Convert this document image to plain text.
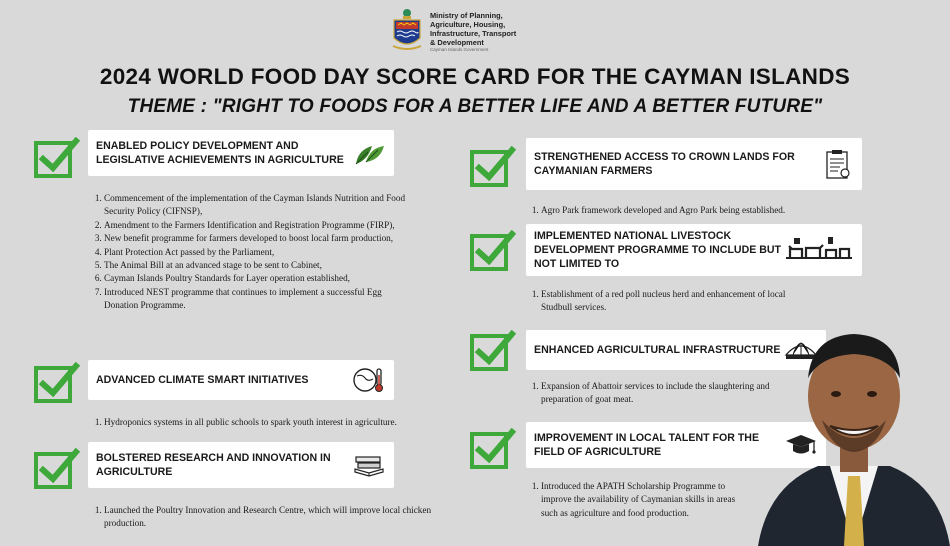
Ministry of Planning,
Agriculture, Housing,
Infrastructure, Transport
& Development
Cayman Islands Government
2024 WORLD FOOD DAY SCORE CARD FOR THE CAYMAN ISLANDS
THEME : "RIGHT TO FOODS FOR A BETTER LIFE AND A BETTER FUTURE"
ENABLED POLICY DEVELOPMENT AND LEGISLATIVE ACHIEVEMENTS IN AGRICULTURE
1. Commencement of the implementation of the Cayman Islands Nutrition and Food Security Policy (CIFNSP),
2. Amendment to the Farmers Identification and Registration Programme (FIRP),
3. New benefit programme for farmers developed to boost local farm production,
4. Plant Protection Act passed by the Parliament,
5. The Animal Bill at an advanced stage to be sent to Cabinet,
6. Cayman Islands Poultry Standards for Layer operation established,
7. Introduced NEST programme that continues to implement a successful Egg Donation Programme.
ADVANCED CLIMATE SMART INITIATIVES
1. Hydroponics systems in all public schools to spark youth interest in agriculture.
BOLSTERED RESEARCH AND INNOVATION IN AGRICULTURE
1. Launched the Poultry Innovation and Research Centre, which will improve local chicken production.
STRENGTHENED ACCESS TO CROWN LANDS FOR CAYMANIAN FARMERS
1. Agro Park framework developed and Agro Park being established.
IMPLEMENTED NATIONAL LIVESTOCK DEVELOPMENT PROGRAMME TO INCLUDE BUT NOT LIMITED TO
1. Establishment of a red poll nucleus herd and enhancement of local Studbull services.
ENHANCED AGRICULTURAL INFRASTRUCTURE
1. Expansion of Abattoir services to include the slaughtering and preparation of goat meat.
IMPROVEMENT IN LOCAL TALENT FOR THE FIELD OF AGRICULTURE
1. Introduced the APATH Scholarship Programme to improve the availability of Caymanian skills in areas such as agriculture and food production.
